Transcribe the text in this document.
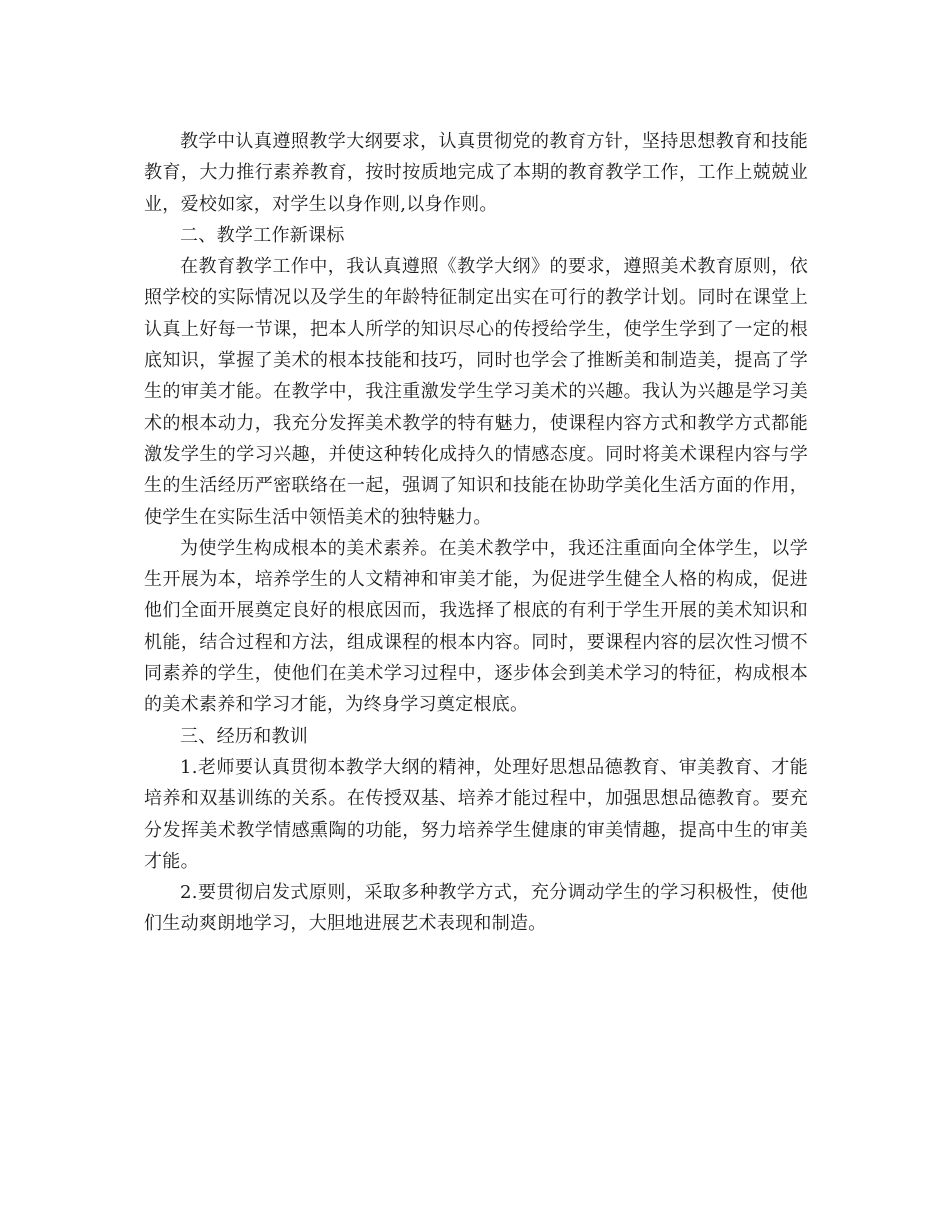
教学中认真遵照教学大纲要求，认真贯彻党的教育方针，坚持思想教育和技能教育，大力推行素养教育，按时按质地完成了本期的教育教学工作，工作上兢兢业业，爱校如家，对学生以身作则,以身作则。

二、教学工作新课标

在教育教学工作中，我认真遵照《教学大纲》的要求，遵照美术教育原则，依照学校的实际情况以及学生的年龄特征制定出实在可行的教学计划。同时在课堂上认真上好每一节课，把本人所学的知识尽心的传授给学生，使学生学到了一定的根底知识，掌握了美术的根本技能和技巧，同时也学会了推断美和制造美，提高了学生的审美才能。在教学中，我注重激发学生学习美术的兴趣。我认为兴趣是学习美术的根本动力，我充分发挥美术教学的特有魅力，使课程内容方式和教学方式都能激发学生的学习兴趣，并使这种转化成持久的情感态度。同时将美术课程内容与学生的生活经历严密联络在一起，强调了知识和技能在协助学美化生活方面的作用，使学生在实际生活中领悟美术的独特魅力。

为使学生构成根本的美术素养。在美术教学中，我还注重面向全体学生，以学生开展为本，培养学生的人文精神和审美才能，为促进学生健全人格的构成，促进他们全面开展奠定良好的根底因而，我选择了根底的有利于学生开展的美术知识和机能，结合过程和方法，组成课程的根本内容。同时，要课程内容的层次性习惯不同素养的学生，使他们在美术学习过程中，逐步体会到美术学习的特征，构成根本的美术素养和学习才能，为终身学习奠定根底。

三、经历和教训

1.老师要认真贯彻本教学大纲的精神，处理好思想品德教育、审美教育、才能培养和双基训练的关系。在传授双基、培养才能过程中，加强思想品德教育。要充分发挥美术教学情感熏陶的功能，努力培养学生健康的审美情趣，提高中生的审美才能。

2.要贯彻启发式原则，采取多种教学方式，充分调动学生的学习积极性，使他们生动爽朗地学习，大胆地进展艺术表现和制造。
